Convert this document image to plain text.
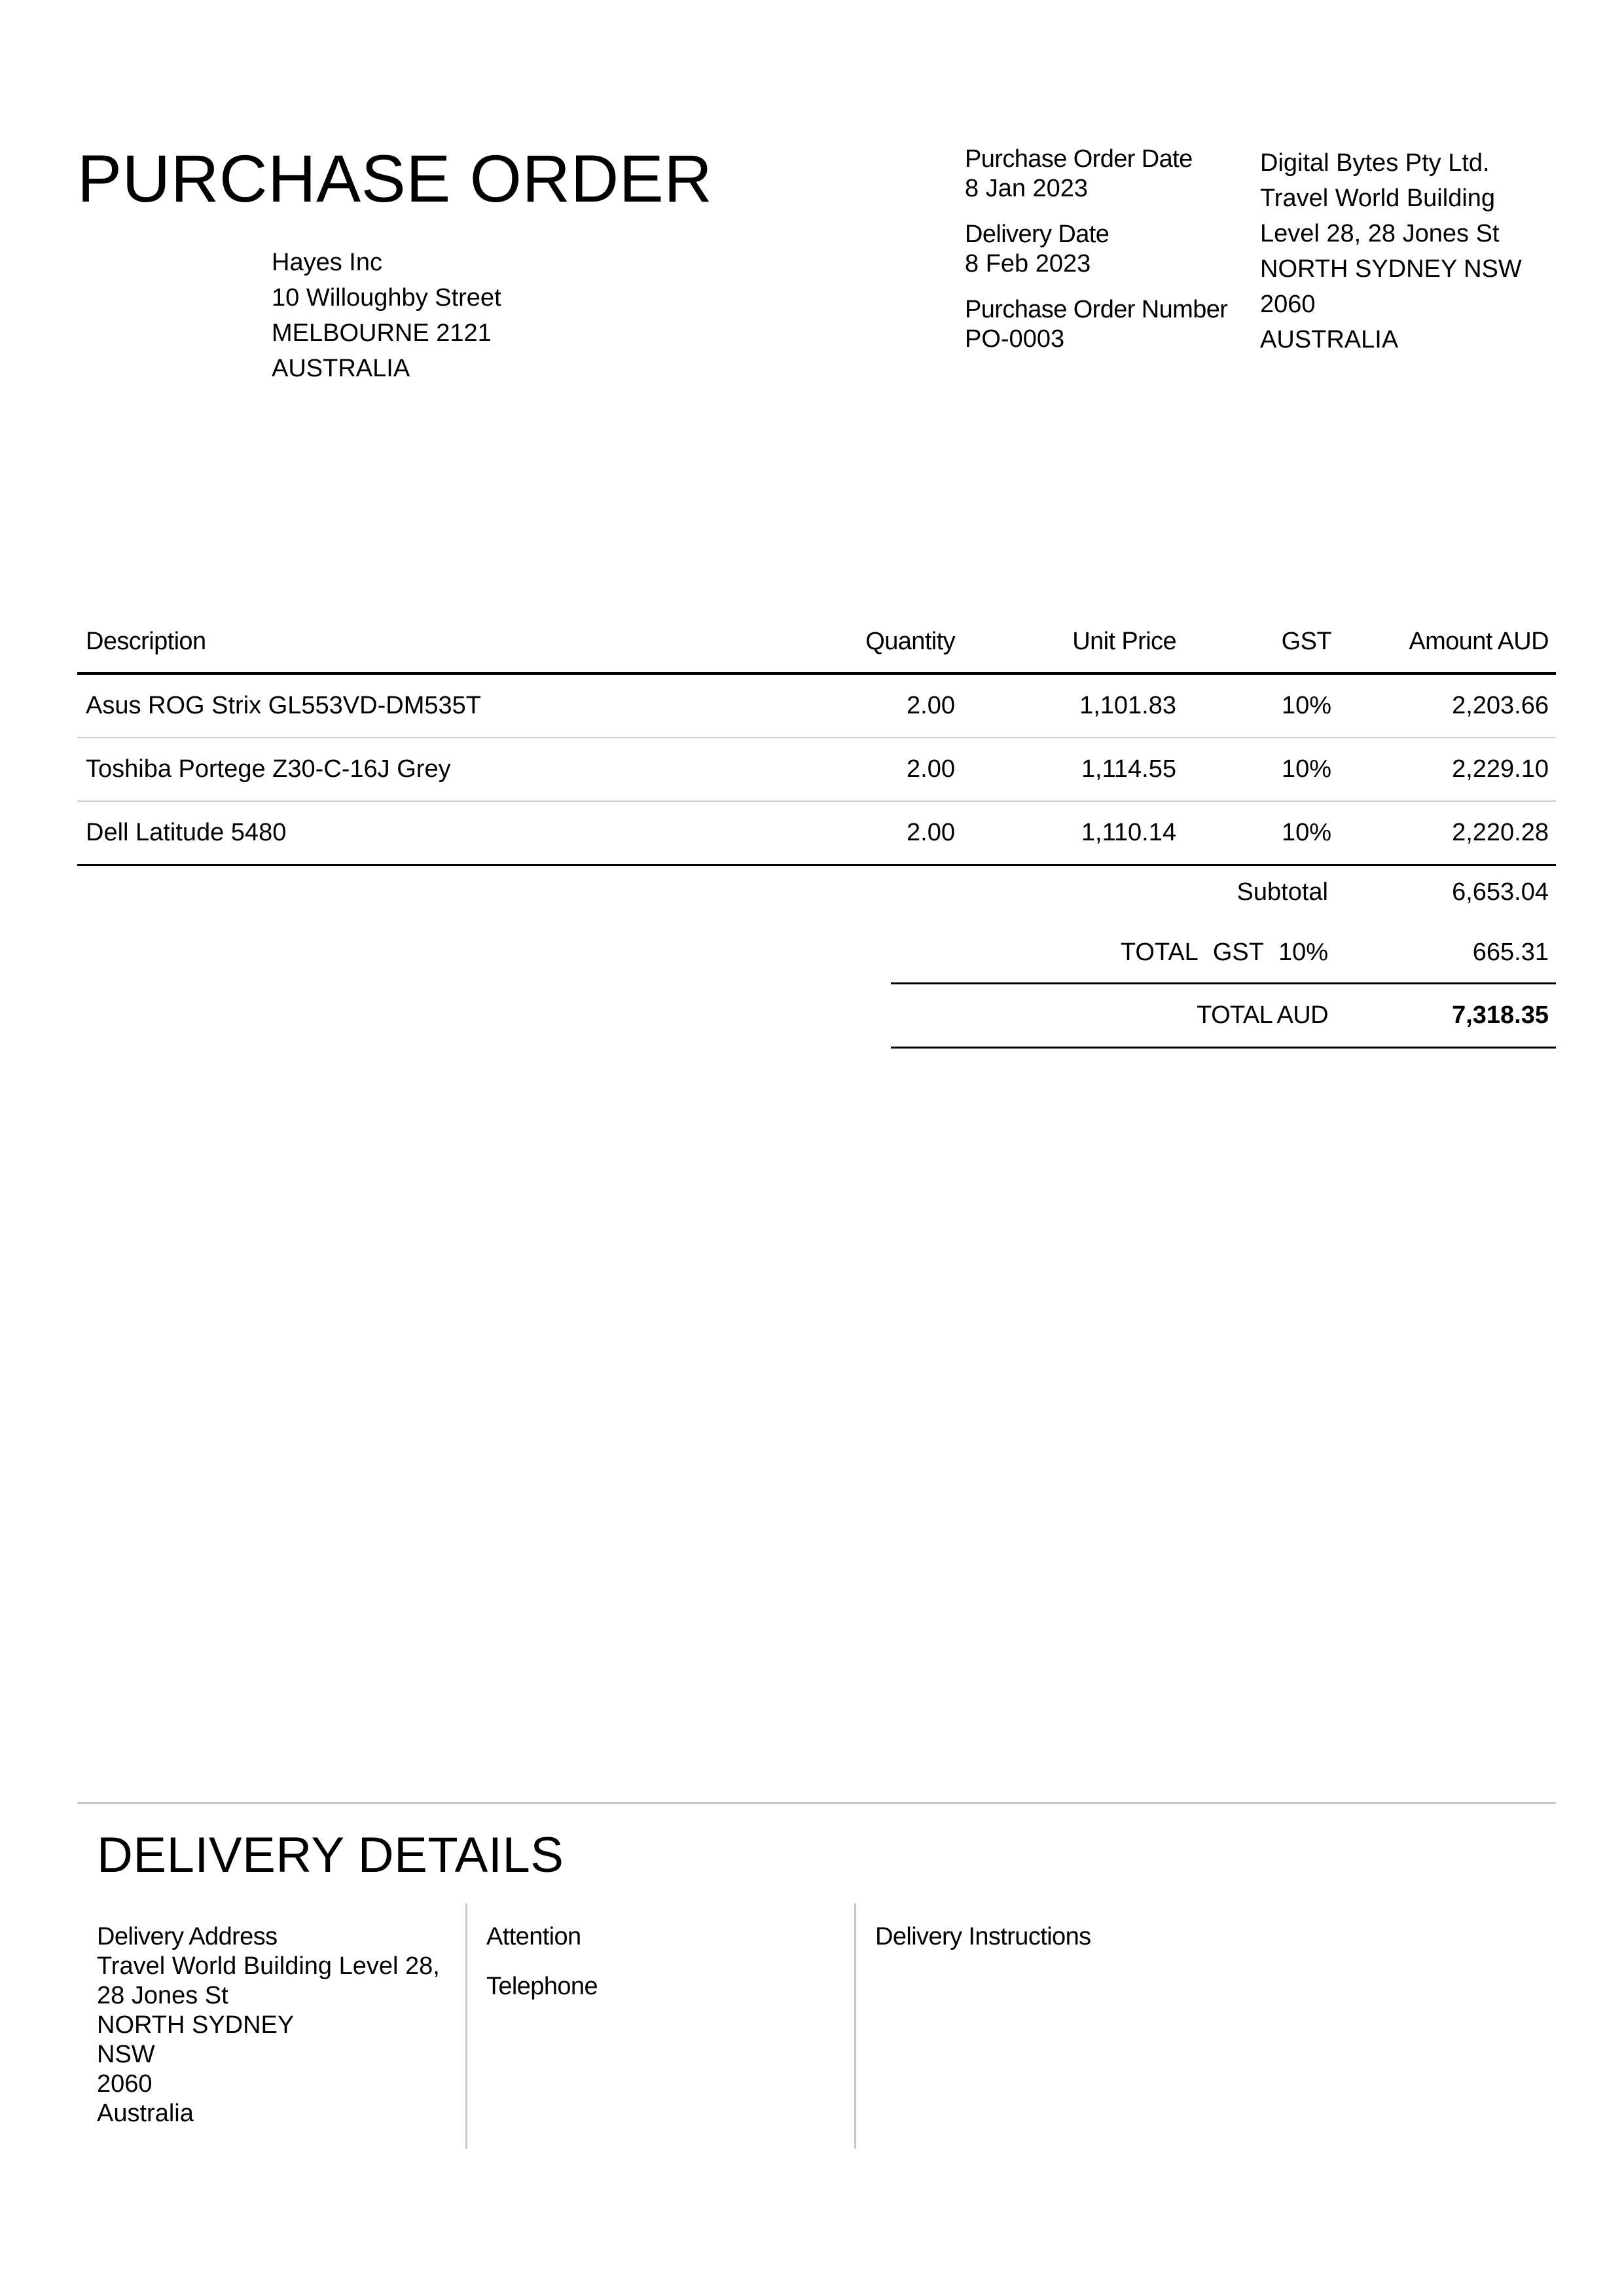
PURCHASE ORDER
Hayes Inc
10 Willoughby Street
MELBOURNE 2121
AUSTRALIA
Purchase Order Date
8 Jan 2023
Delivery Date
8 Feb 2023
Purchase Order Number
PO-0003
Digital Bytes Pty Ltd.
Travel World Building
Level 28, 28 Jones St
NORTH SYDNEY NSW
2060
AUSTRALIA
Description	Quantity	Unit Price	GST	Amount AUD
Asus ROG Strix GL553VD-DM535T	2.00	1,101.83	10%	2,203.66
Toshiba Portege Z30-C-16J Grey	2.00	1,114.55	10%	2,229.10
Dell Latitude 5480	2.00	1,110.14	10%	2,220.28
Subtotal	6,653.04
TOTAL GST 10%	665.31
TOTAL AUD	7,318.35
DELIVERY DETAILS
Delivery Address
Travel World Building Level 28,
28 Jones St
NORTH SYDNEY
NSW
2060
Australia
Attention
Telephone
Delivery Instructions
